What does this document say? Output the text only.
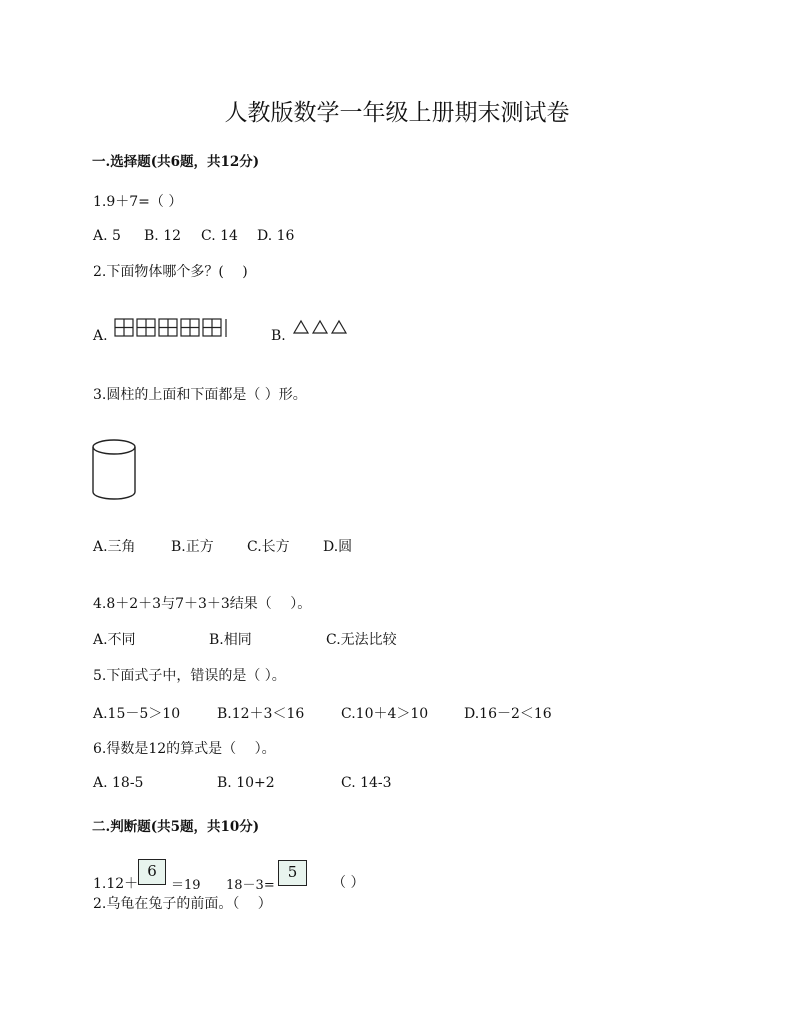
人教版数学一年级上册期末测试卷
一.选择题(共6题，共12分)
1.9＋7=（ ）
A. 5 B. 12 C. 14 D. 16
2.下面物体哪个多？(　 )
A.	B.
3.圆柱的上面和下面都是（ ）形。
A.三角	B.正方 C.长方 D.圆
4.8＋2＋3与7＋3＋3结果（　 ）。
A.不同	B.相同	C.无法比较
5.下面式子中，错误的是（ ）。
A.15－5＞10	B.12＋3＜16	C.10＋4＞10	D.16－2＜16
6.得数是12的算式是（　 ）。
A. 18-5	B. 10+2	C. 14-3
二.判断题(共5题，共10分)
1.12＋
6
＝19 18－3=
5
（ ）
2.乌龟在兔子的前面。（　 ）
